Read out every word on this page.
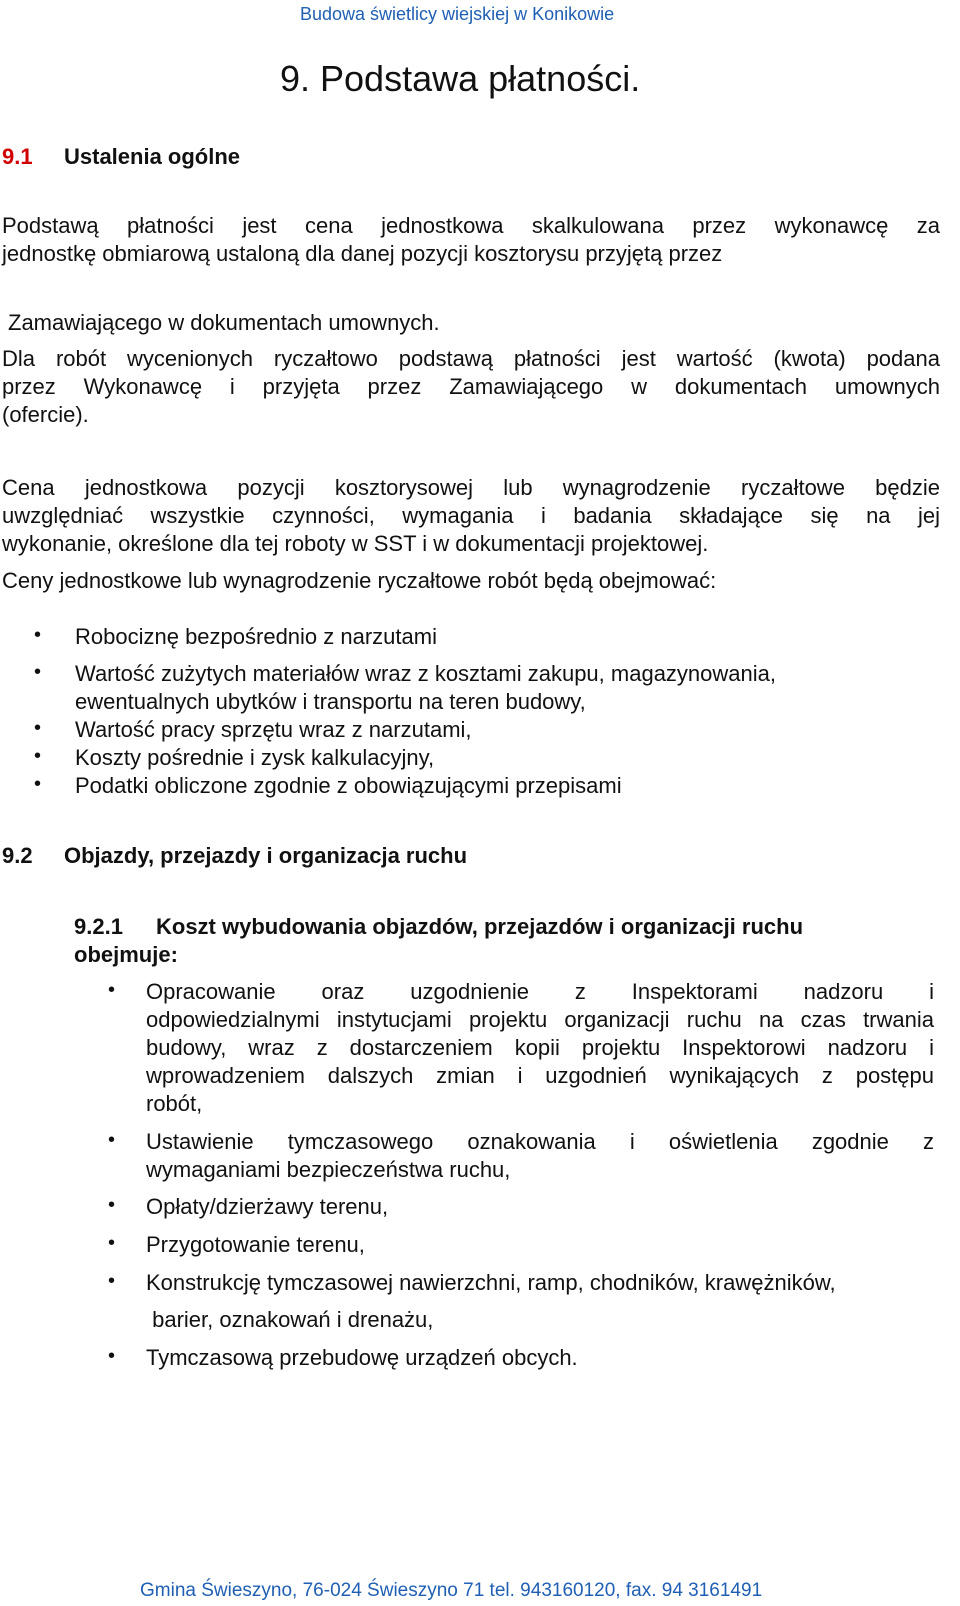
Budowa świetlicy wiejskiej w Konikowie
9. Podstawa płatności.
9.1 Ustalenia ogólne
Podstawą płatności jest cena jednostkowa skalkulowana przez wykonawcę za
jednostkę obmiarową ustaloną dla danej pozycji kosztorysu przyjętą przez
Zamawiającego w dokumentach umownych.
Dla robót wycenionych ryczałtowo podstawą płatności jest wartość (kwota) podana
przez Wykonawcę i przyjęta przez Zamawiającego w dokumentach umownych
(ofercie).
Cena jednostkowa pozycji kosztorysowej lub wynagrodzenie ryczałtowe będzie
uwzględniać wszystkie czynności, wymagania i badania składające się na jej
wykonanie, określone dla tej roboty w SST i w dokumentacji projektowej.
Ceny jednostkowe lub wynagrodzenie ryczałtowe robót będą obejmować:
• Robociznę bezpośrednio z narzutami
• Wartość zużytych materiałów wraz z kosztami zakupu, magazynowania,
ewentualnych ubytków i transportu na teren budowy,
• Wartość pracy sprzętu wraz z narzutami,
• Koszty pośrednie i zysk kalkulacyjny,
• Podatki obliczone zgodnie z obowiązującymi przepisami
9.2 Objazdy, przejazdy i organizacja ruchu
9.2.1 Koszt wybudowania objazdów, przejazdów i organizacji ruchu
obejmuje:
• Opracowanie oraz uzgodnienie z Inspektorami nadzoru i
odpowiedzialnymi instytucjami projektu organizacji ruchu na czas trwania
budowy, wraz z dostarczeniem kopii projektu Inspektorowi nadzoru i
wprowadzeniem dalszych zmian i uzgodnień wynikających z postępu
robót,
• Ustawienie tymczasowego oznakowania i oświetlenia zgodnie z
wymaganiami bezpieczeństwa ruchu,
• Opłaty/dzierżawy terenu,
• Przygotowanie terenu,
• Konstrukcję tymczasowej nawierzchni, ramp, chodników, krawężników,
barier, oznakowań i drenażu,
• Tymczasową przebudowę urządzeń obcych.
Gmina Świeszyno, 76-024 Świeszyno 71 tel. 943160120, fax. 94 3161491
